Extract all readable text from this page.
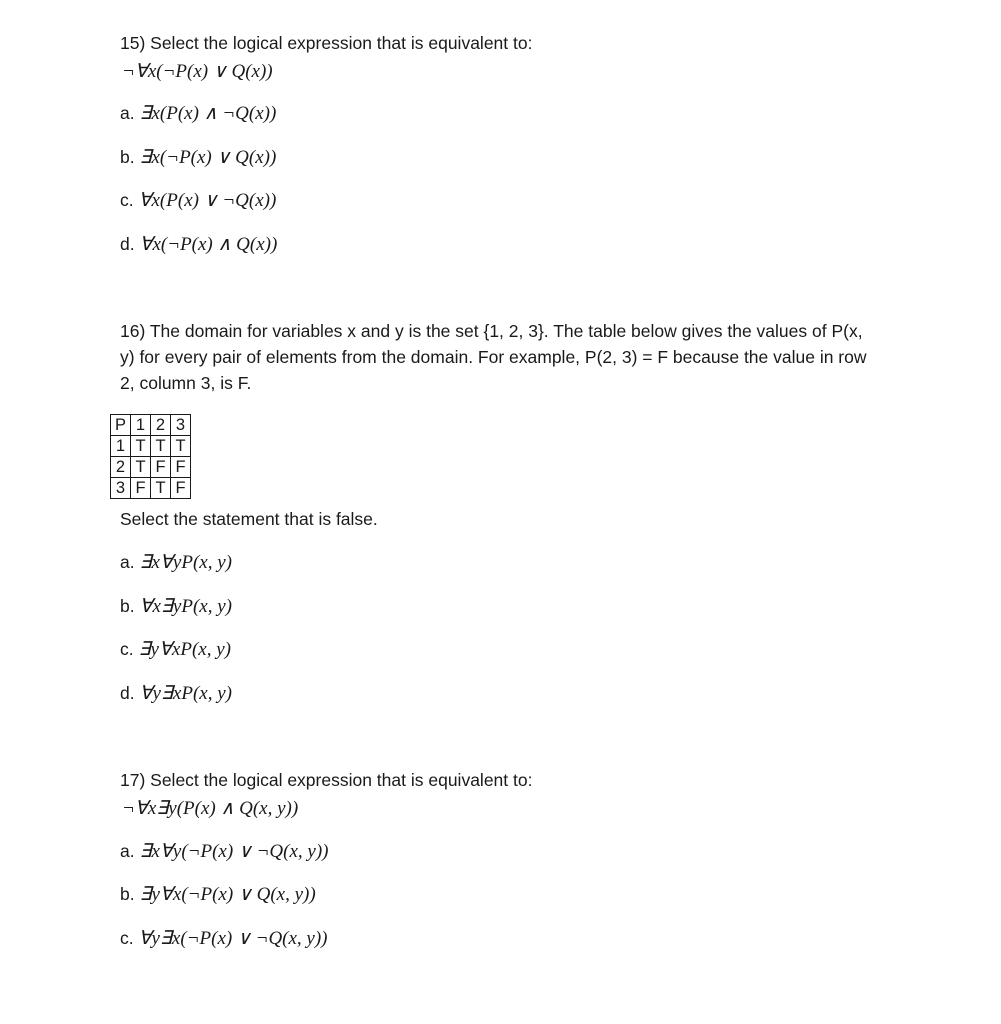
15) Select the logical expression that is equivalent to:
¬∀x(¬P(x) ∨ Q(x))
a. ∃x(P(x) ∧ ¬Q(x))
b. ∃x(¬P(x) ∨ Q(x))
c. ∀x(P(x) ∨ ¬Q(x))
d. ∀x(¬P(x) ∧ Q(x))
16) The domain for variables x and y is the set {1, 2, 3}. The table below gives the values of P(x, y) for every pair of elements from the domain. For example, P(2, 3) = F because the value in row 2, column 3, is F.
P	1	2	3
1	T	T	T
2	T	F	F
3	F	T	F
Select the statement that is false.
a. ∃x∀yP(x, y)
b. ∀x∃yP(x, y)
c. ∃y∀xP(x, y)
d. ∀y∃xP(x, y)
17) Select the logical expression that is equivalent to:
¬∀x∃y(P(x) ∧ Q(x, y))
a. ∃x∀y(¬P(x) ∨ ¬Q(x, y))
b. ∃y∀x(¬P(x) ∨ Q(x, y))
c. ∀y∃x(¬P(x) ∨ ¬Q(x, y))
